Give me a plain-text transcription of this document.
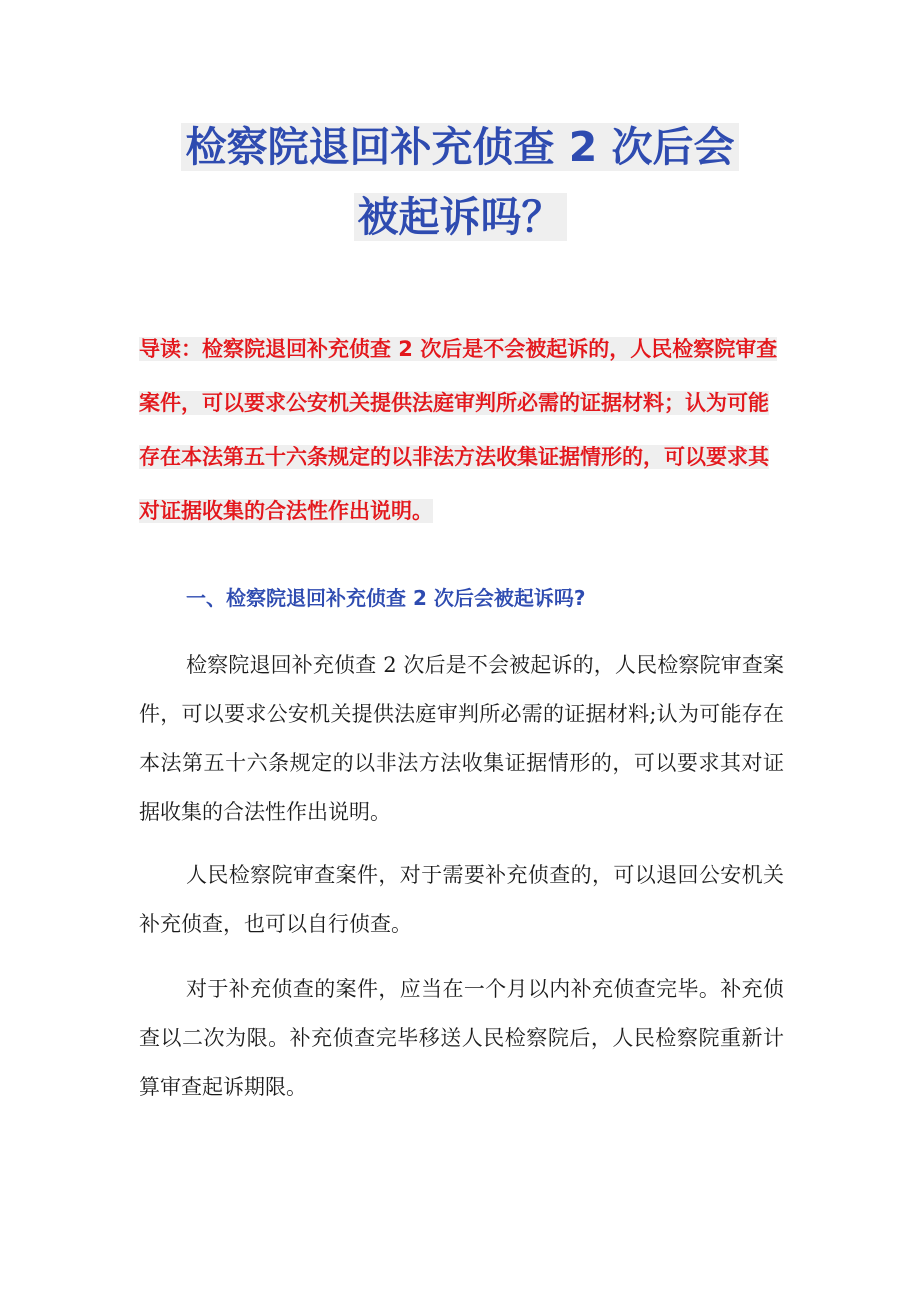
检察院退回补充侦查 2 次后会
被起诉吗？

导读：检察院退回补充侦查 2 次后是不会被起诉的，人民检察院审查案件，可以要求公安机关提供法庭审判所必需的证据材料；认为可能存在本法第五十六条规定的以非法方法收集证据情形的，可以要求其对证据收集的合法性作出说明。

一、检察院退回补充侦查 2 次后会被起诉吗?

检察院退回补充侦查 2 次后是不会被起诉的，人民检察院审查案件，可以要求公安机关提供法庭审判所必需的证据材料;认为可能存在本法第五十六条规定的以非法方法收集证据情形的，可以要求其对证据收集的合法性作出说明。

人民检察院审查案件，对于需要补充侦查的，可以退回公安机关补充侦查，也可以自行侦查。

对于补充侦查的案件，应当在一个月以内补充侦查完毕。补充侦查以二次为限。补充侦查完毕移送人民检察院后，人民检察院重新计算审查起诉期限。
